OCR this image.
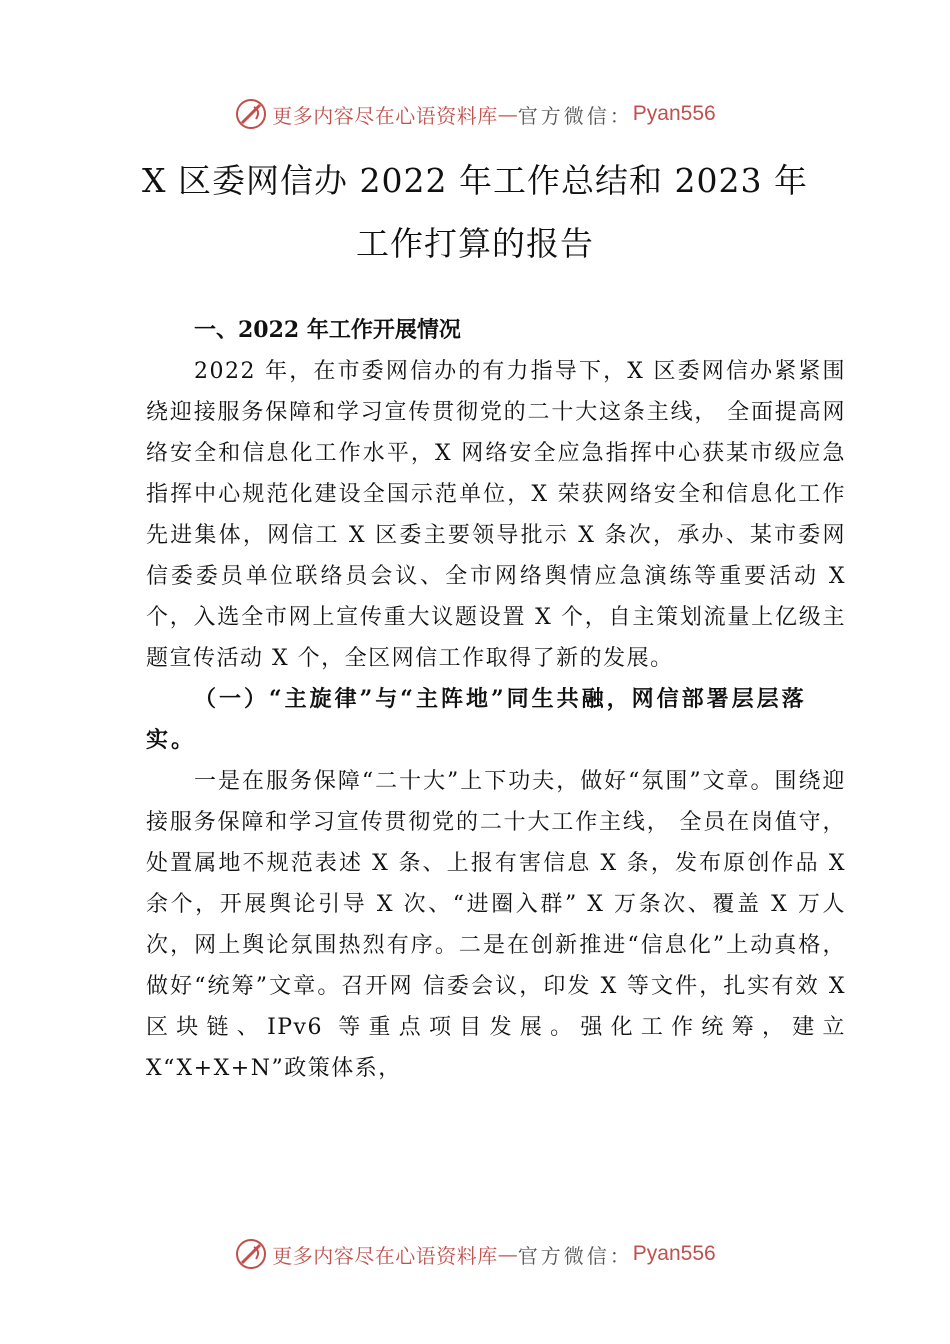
更多内容尽在心语资料库 — 官方微信： Pyan556
X 区委网信办 2022 年工作总结和 2023 年
工作打算的报告
一、2022 年工作开展情况
2022 年，在市委网信办的有力指导下，X 区委网信办紧紧围绕迎接服务保障和学习宣传贯彻党的二十大这条主线， 全面提高网络安全和信息化工作水平，X 网络安全应急指挥中心获某市级应急指挥中心规范化建设全国示范单位，X 荣获网络安全和信息化工作先进集体，网信工 X 区委主要领导批示 X 条次，承办、某市委网信委委员单位联络员会议、全市网络舆情应急演练等重要活动 X 个，入选全市网上宣传重大议题设置 X 个，自主策划流量上亿级主题宣传活动 X 个，全区网信工作取得了新的发展。
（一）“主旋律”与“主阵地”同生共融，网信部署层层落实。
一是在服务保障“二十大”上下功夫，做好“氛围”文章。围绕迎接服务保障和学习宣传贯彻党的二十大工作主线， 全员在岗值守，处置属地不规范表述 X 条、上报有害信息 X 条，发布原创作品 X 余个，开展舆论引导 X 次、“进圈入群” X 万条次、覆盖 X 万人次，网上舆论氛围热烈有序。二是在创新推进“信息化”上动真格，做好“统筹”文章。召开网 信委会议，印发 X 等文件，扎实有效 X 区块链、IPv6 等重点项目发展。强化工作统筹，建立 X“X+X+N”政策体系，
更多内容尽在心语资料库 — 官方微信： Pyan556
